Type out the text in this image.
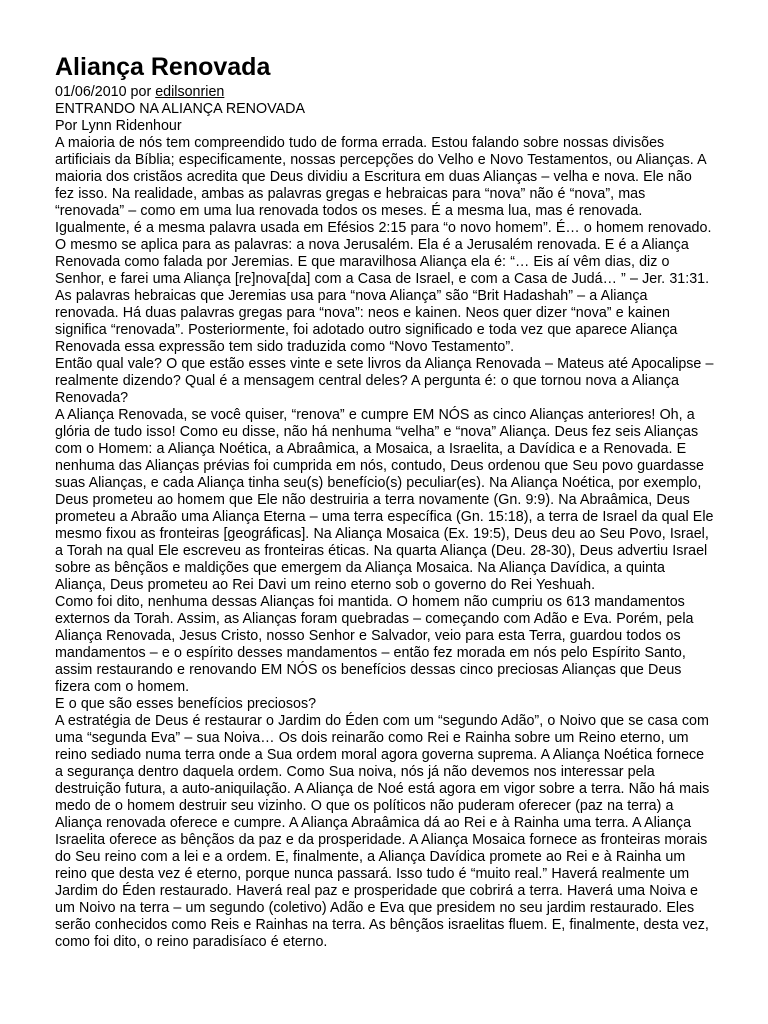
Aliança Renovada
01/06/2010 por edilsonrien
ENTRANDO NA ALIANÇA RENOVADA
Por Lynn Ridenhour

A maioria de nós tem compreendido tudo de forma errada. Estou falando sobre nossas divisões artificiais da Bíblia; especificamente, nossas percepções do Velho e Novo Testamentos, ou Alianças. A maioria dos cristãos acredita que Deus dividiu a Escritura em duas Alianças – velha e nova. Ele não fez isso. Na realidade, ambas as palavras gregas e hebraicas para “nova” não é “nova”, mas “renovada” – como em uma lua renovada todos os meses. É a mesma lua, mas é renovada. Igualmente, é a mesma palavra usada em Efésios 2:15 para “o novo homem”. É… o homem renovado. O mesmo se aplica para as palavras: a nova Jerusalém. Ela é a Jerusalém renovada. E é a Aliança Renovada como falada por Jeremias. E que maravilhosa Aliança ela é: “… Eis aí vêm dias, diz o Senhor, e farei uma Aliança [re]nova[da] com a Casa de Israel, e com a Casa de Judá… ” – Jer. 31:31.

As palavras hebraicas que Jeremias usa para “nova Aliança” são “Brit Hadashah” – a Aliança renovada. Há duas palavras gregas para “nova”: neos e kainen. Neos quer dizer “nova” e kainen significa “renovada”. Posteriormente, foi adotado outro significado e toda vez que aparece Aliança Renovada essa expressão tem sido traduzida como “Novo Testamento”.

Então qual vale? O que estão esses vinte e sete livros da Aliança Renovada – Mateus até Apocalipse – realmente dizendo? Qual é a mensagem central deles? A pergunta é: o que tornou nova a Aliança Renovada?

A Aliança Renovada, se você quiser, “renova” e cumpre EM NÓS as cinco Alianças anteriores! Oh, a glória de tudo isso! Como eu disse, não há nenhuma “velha” e “nova” Aliança. Deus fez seis Alianças com o Homem: a Aliança Noética, a Abraâmica, a Mosaica, a Israelita, a Davídica e a Renovada. E nenhuma das Alianças prévias foi cumprida em nós, contudo, Deus ordenou que Seu povo guardasse suas Alianças, e cada Aliança tinha seu(s) benefício(s) peculiar(es). Na Aliança Noética, por exemplo, Deus prometeu ao homem que Ele não destruiria a terra novamente (Gn. 9:9). Na Abraâmica, Deus prometeu a Abraão uma Aliança Eterna – uma terra específica (Gn. 15:18), a terra de Israel da qual Ele mesmo fixou as fronteiras [geográficas]. Na Aliança Mosaica (Ex. 19:5), Deus deu ao Seu Povo, Israel, a Torah na qual Ele escreveu as fronteiras éticas. Na quarta Aliança (Deu. 28-30), Deus advertiu Israel sobre as bênçãos e maldições que emergem da Aliança Mosaica. Na Aliança Davídica, a quinta Aliança, Deus prometeu ao Rei Davi um reino eterno sob o governo do Rei Yeshuah.

Como foi dito, nenhuma dessas Alianças foi mantida. O homem não cumpriu os 613 mandamentos externos da Torah. Assim, as Alianças foram quebradas – começando com Adão e Eva. Porém, pela Aliança Renovada, Jesus Cristo, nosso Senhor e Salvador, veio para esta Terra, guardou todos os mandamentos – e o espírito desses mandamentos – então fez morada em nós pelo Espírito Santo, assim restaurando e renovando EM NÓS os benefícios dessas cinco preciosas Alianças que Deus fizera com o homem.

E o que são esses benefícios preciosos?

A estratégia de Deus é restaurar o Jardim do Éden com um “segundo Adão”, o Noivo que se casa com uma “segunda Eva” – sua Noiva… Os dois reinarão como Rei e Rainha sobre um Reino eterno, um reino sediado numa terra onde a Sua ordem moral agora governa suprema. A Aliança Noética fornece a segurança dentro daquela ordem. Como Sua noiva, nós já não devemos nos interessar pela destruição futura, a auto-aniquilação. A Aliança de Noé está agora em vigor sobre a terra. Não há mais medo de o homem destruir seu vizinho. O que os políticos não puderam oferecer (paz na terra) a Aliança renovada oferece e cumpre. A Aliança Abraâmica dá ao Rei e à Rainha uma terra. A Aliança Israelita oferece as bênçãos da paz e da prosperidade. A Aliança Mosaica fornece as fronteiras morais do Seu reino com a lei e a ordem. E, finalmente, a Aliança Davídica promete ao Rei e à Rainha um reino que desta vez é eterno, porque nunca passará. Isso tudo é “muito real.” Haverá realmente um Jardim do Éden restaurado. Haverá real paz e prosperidade que cobrirá a terra. Haverá uma Noiva e um Noivo na terra – um segundo (coletivo) Adão e Eva que presidem no seu jardim restaurado. Eles serão conhecidos como Reis e Rainhas na terra. As bênçãos israelitas fluem. E, finalmente, desta vez, como foi dito, o reino paradisíaco é eterno.
